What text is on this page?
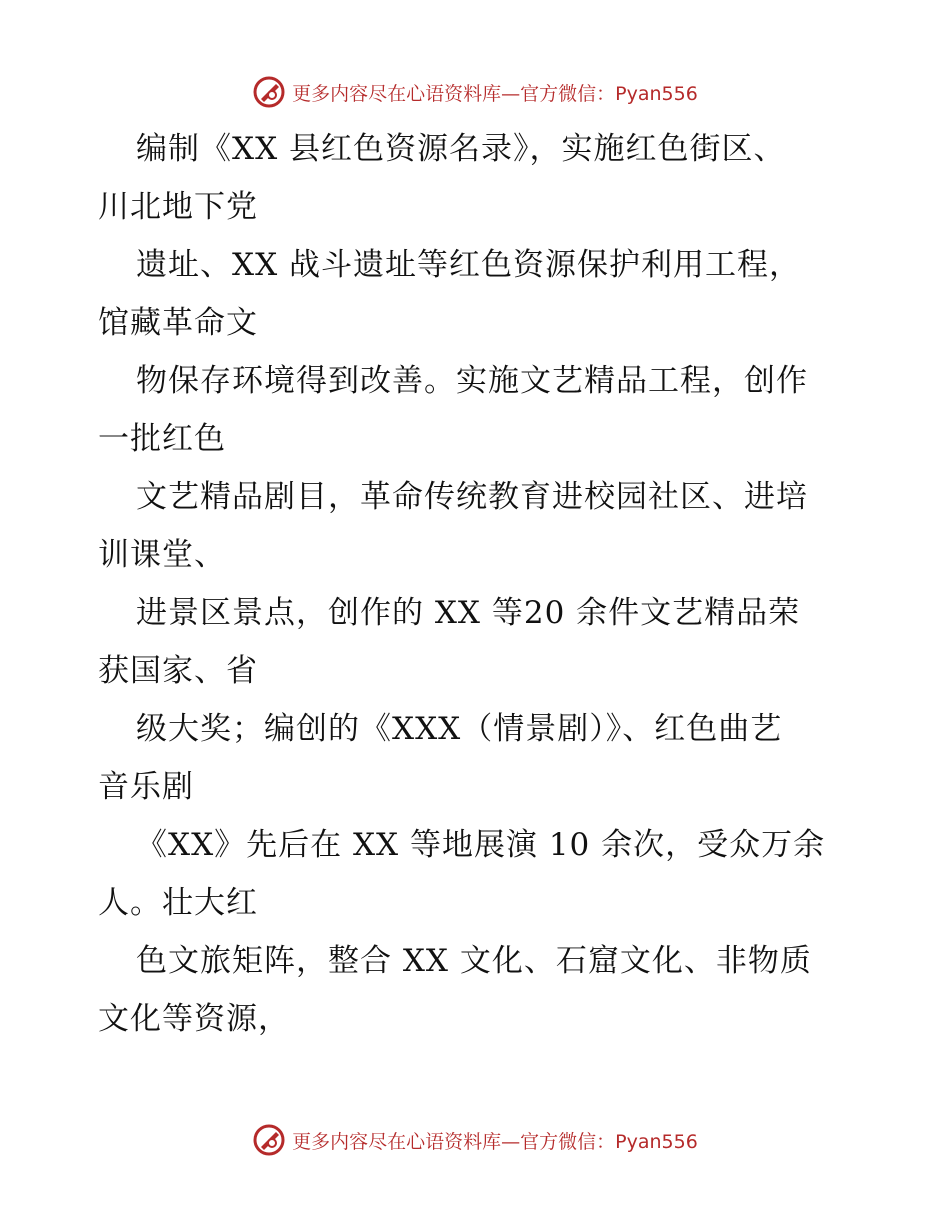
更多内容尽在心语资料库—官方微信：Pyan556
编制《XX 县红色资源名录》，实施红色街区、
川北地下党
遗址、XX 战斗遗址等红色资源保护利用工程，
馆藏革命文
物保存环境得到改善。实施文艺精品工程，创作
一批红色
文艺精品剧目，革命传统教育进校园社区、进培
训课堂、
进景区景点，创作的 XX 等20 余件文艺精品荣
获国家、省
级大奖；编创的《XXX（情景剧）》、红色曲艺
音乐剧
《XX》先后在 XX 等地展演 10 余次，受众万余
人。壮大红
色文旅矩阵，整合 XX 文化、石窟文化、非物质
文化等资源，
更多内容尽在心语资料库—官方微信：Pyan556
